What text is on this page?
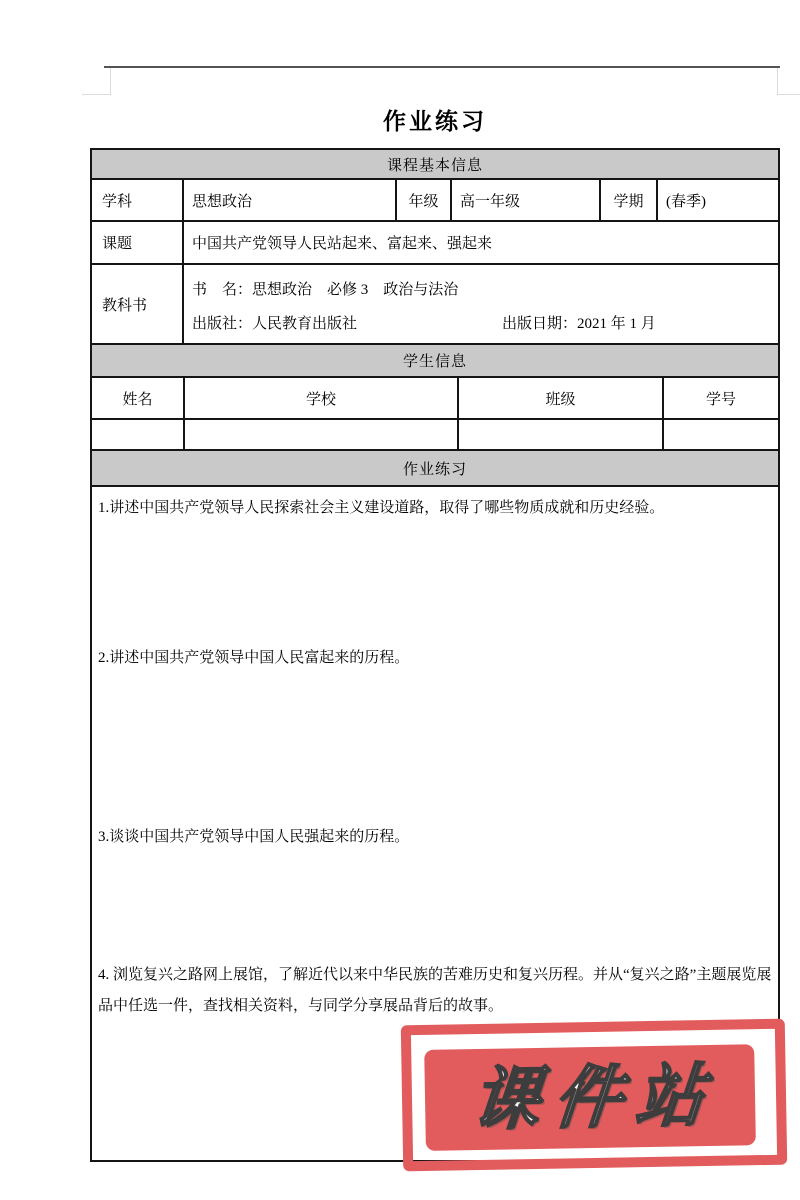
作业练习
课程基本信息
学科	思想政治	年级	高一年级	学期	(春季)
课题	中国共产党领导人民站起来、富起来、强起来
教科书
书　名：思想政治　必修 3　政治与法治
出版社：人民教育出版社	出版日期：2021 年 1 月
学生信息
姓名	学校	班级	学号
作业练习
1.讲述中国共产党领导人民探索社会主义建设道路，取得了哪些物质成就和历史经验。
2.讲述中国共产党领导中国人民富起来的历程。
3.谈谈中国共产党领导中国人民强起来的历程。
4. 浏览复兴之路网上展馆，了解近代以来中华民族的苦难历史和复兴历程。并从“复兴之路”主题展览展品中任选一件，查找相关资料，与同学分享展品背后的故事。
课件站
